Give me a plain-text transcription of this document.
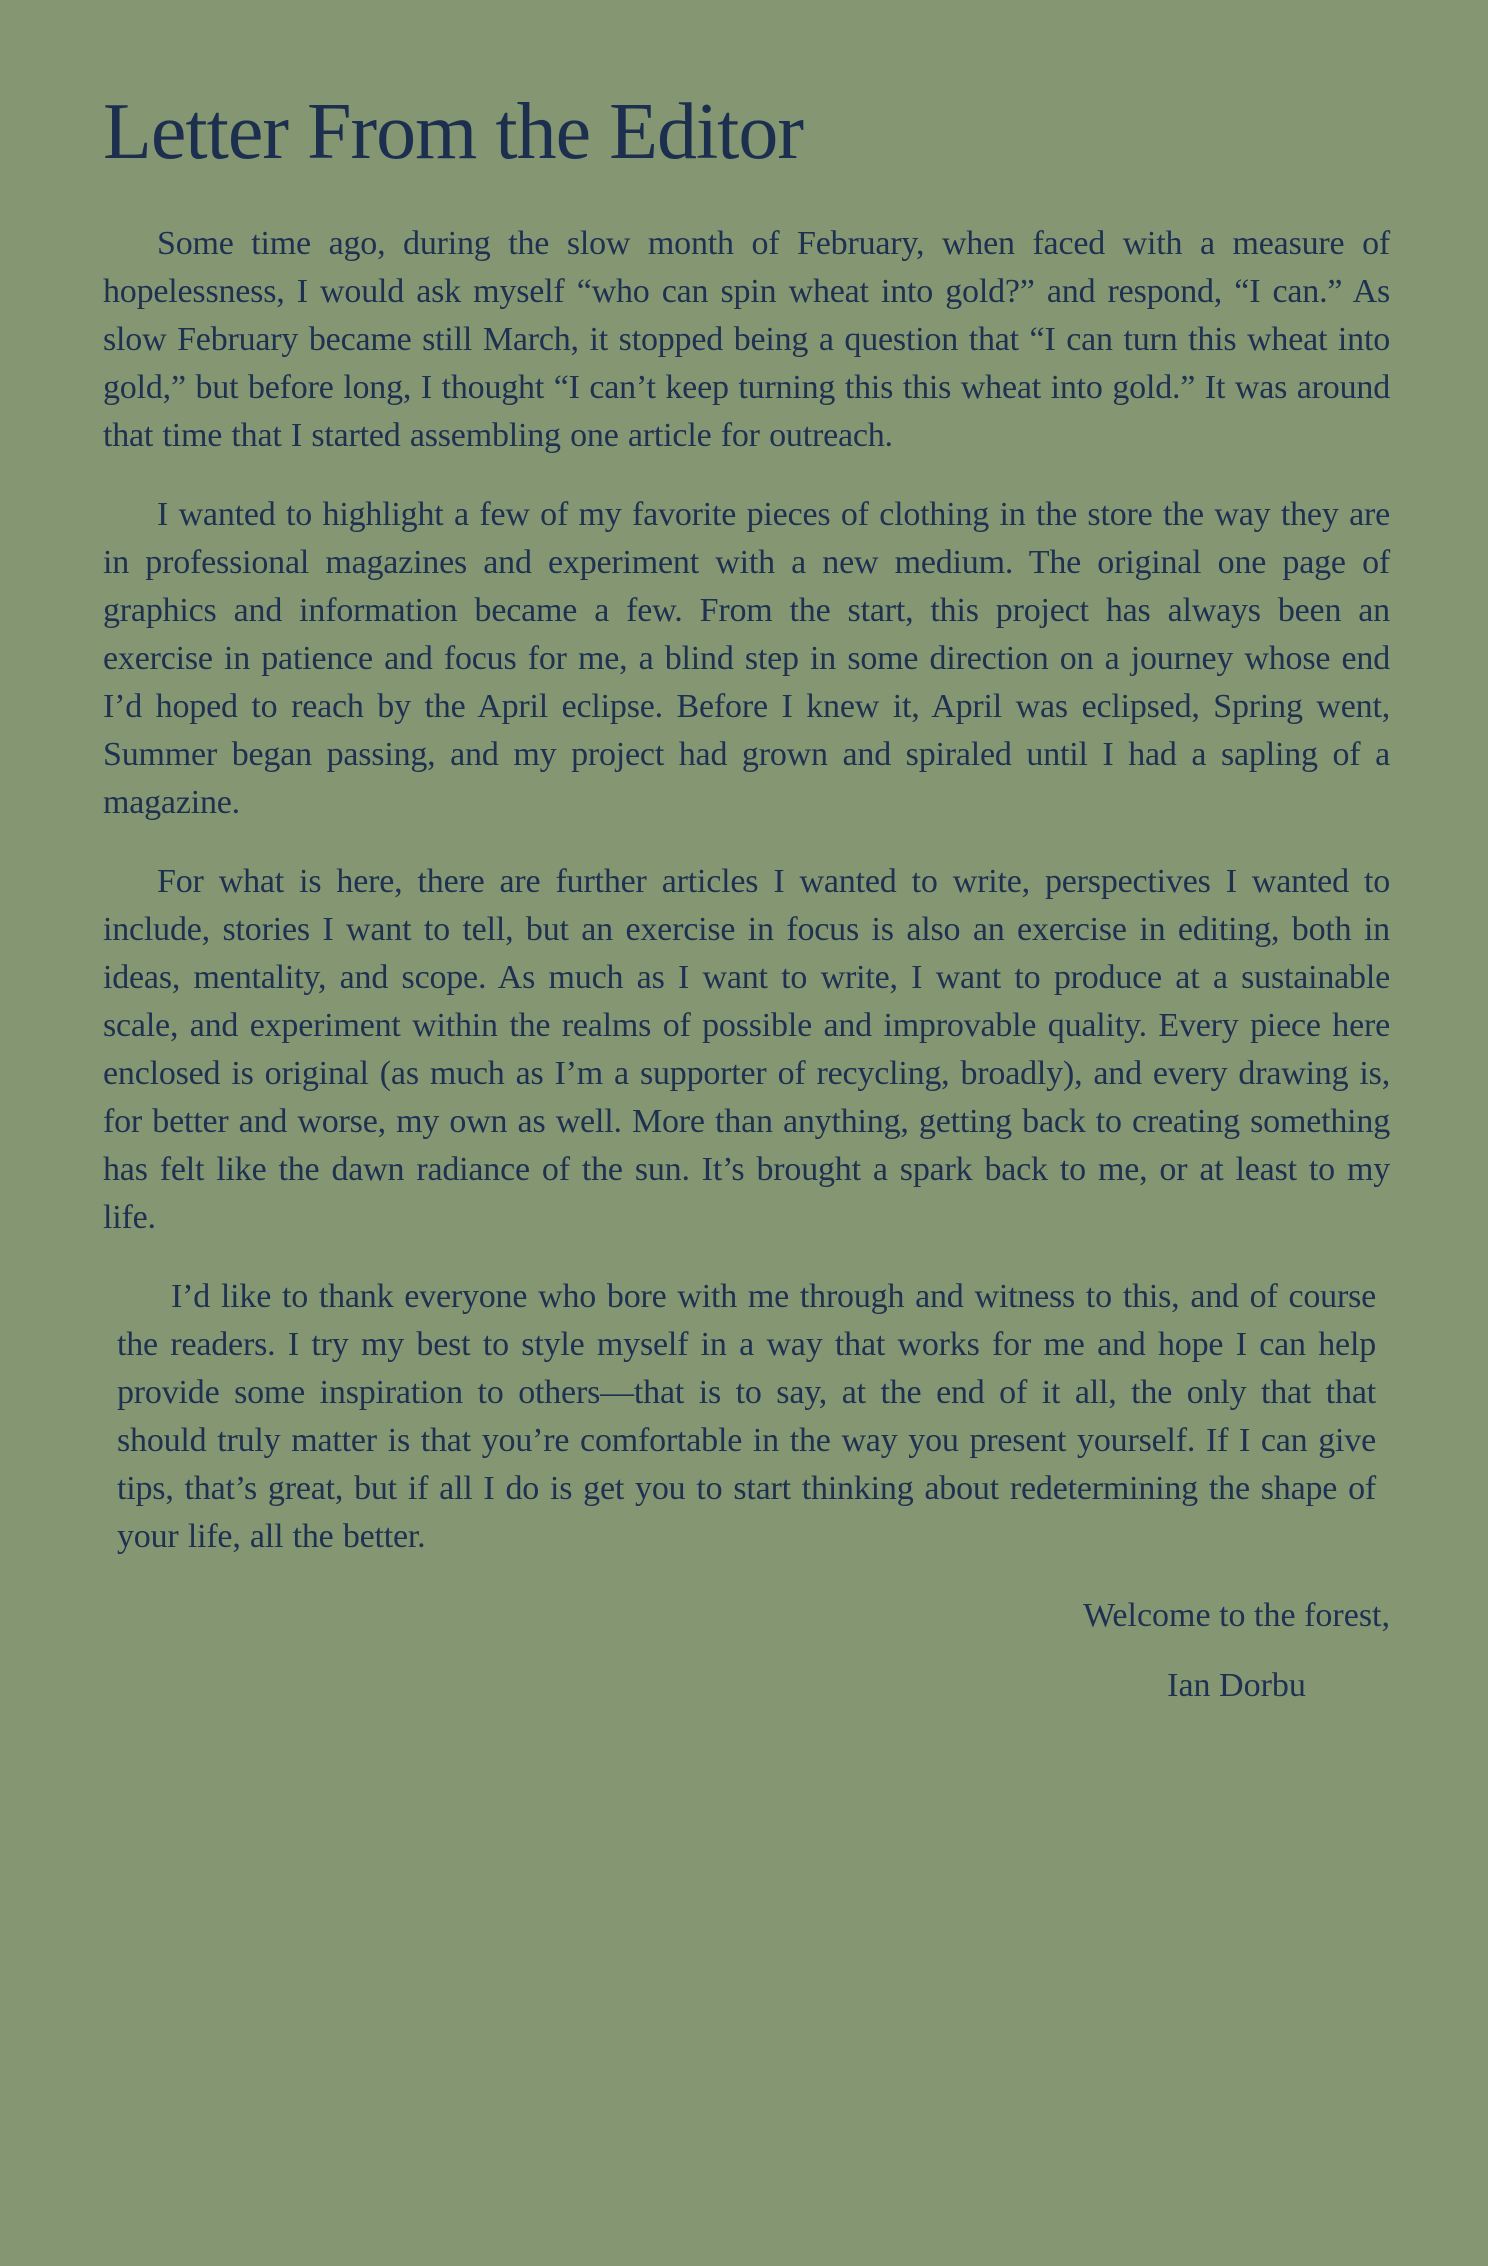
Letter From the Editor

Some time ago, during the slow month of February, when faced with a measure of hopelessness, I would ask myself “who can spin wheat into gold?” and respond, “I can.” As slow February became still March, it stopped being a question that “I can turn this wheat into gold,” but before long, I thought “I can’t keep turning this this wheat into gold.” It was around that time that I started assembling one article for outreach.

I wanted to highlight a few of my favorite pieces of clothing in the store the way they are in professional magazines and experiment with a new medium. The original one page of graphics and information became a few. From the start, this project has always been an exercise in patience and focus for me, a blind step in some direction on a journey whose end I’d hoped to reach by the April eclipse. Before I knew it, April was eclipsed, Spring went, Summer began passing, and my project had grown and spiraled until I had a sapling of a magazine.

For what is here, there are further articles I wanted to write, perspectives I wanted to include, stories I want to tell, but an exercise in focus is also an exercise in editing, both in ideas, mentality, and scope. As much as I want to write, I want to produce at a sustainable scale, and experiment within the realms of possible and improvable quality. Every piece here enclosed is original (as much as I’m a supporter of recycling, broadly), and every drawing is, for better and worse, my own as well. More than anything, getting back to creating something has felt like the dawn radiance of the sun. It’s brought a spark back to me, or at least to my life.

I’d like to thank everyone who bore with me through and witness to this, and of course the readers. I try my best to style myself in a way that works for me and hope I can help provide some inspiration to others—that is to say, at the end of it all, the only that that should truly matter is that you’re comfortable in the way you present yourself. If I can give tips, that’s great, but if all I do is get you to start thinking about redetermining the shape of your life, all the better.

Welcome to the forest,
Ian Dorbu
